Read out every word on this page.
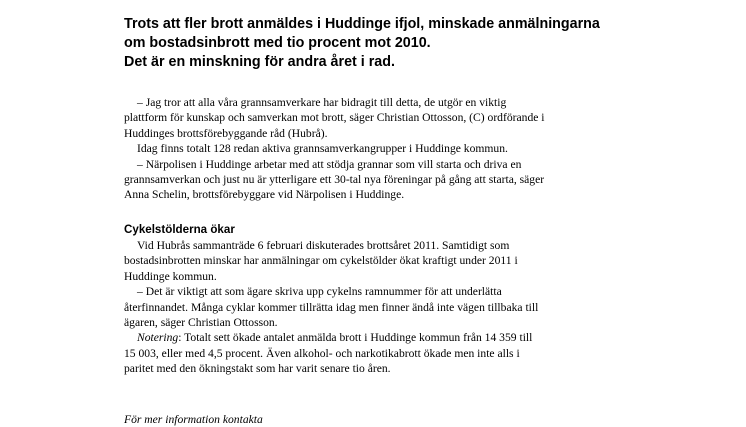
Trots att fler brott anmäldes i Huddinge ifjol, minskade anmälningarna
om bostadsinbrott med tio procent mot 2010.
Det är en minskning för andra året i rad.
– Jag tror att alla våra grannsamverkare har bidragit till detta, de utgör en viktig
plattform för kunskap och samverkan mot brott, säger Christian Ottosson, (C) ordförande i
Huddinges brottsförebyggande råd (Hubrå).
Idag finns totalt 128 redan aktiva grannsamverkangrupper i Huddinge kommun.
– Närpolisen i Huddinge arbetar med att stödja grannar som vill starta och driva en
grannsamverkan och just nu är ytterligare ett 30-tal nya föreningar på gång att starta, säger
Anna Schelin, brottsförebyggare vid Närpolisen i Huddinge.
Cykelstölderna ökar
Vid Hubrås sammanträde 6 februari diskuterades brottsåret 2011. Samtidigt som
bostadsinbrotten minskar har anmälningar om cykelstölder ökat kraftigt under 2011 i
Huddinge kommun.
– Det är viktigt att som ägare skriva upp cykelns ramnummer för att underlätta
återfinnandet. Många cyklar kommer tillrätta idag men finner ändå inte vägen tillbaka till
ägaren, säger Christian Ottosson.
Notering: Totalt sett ökade antalet anmälda brott i Huddinge kommun från 14 359 till
15 003, eller med 4,5 procent. Även alkohol- och narkotikabrott ökade men inte alls i
paritet med den ökningstakt som har varit senare tio åren.
För mer information kontakta
